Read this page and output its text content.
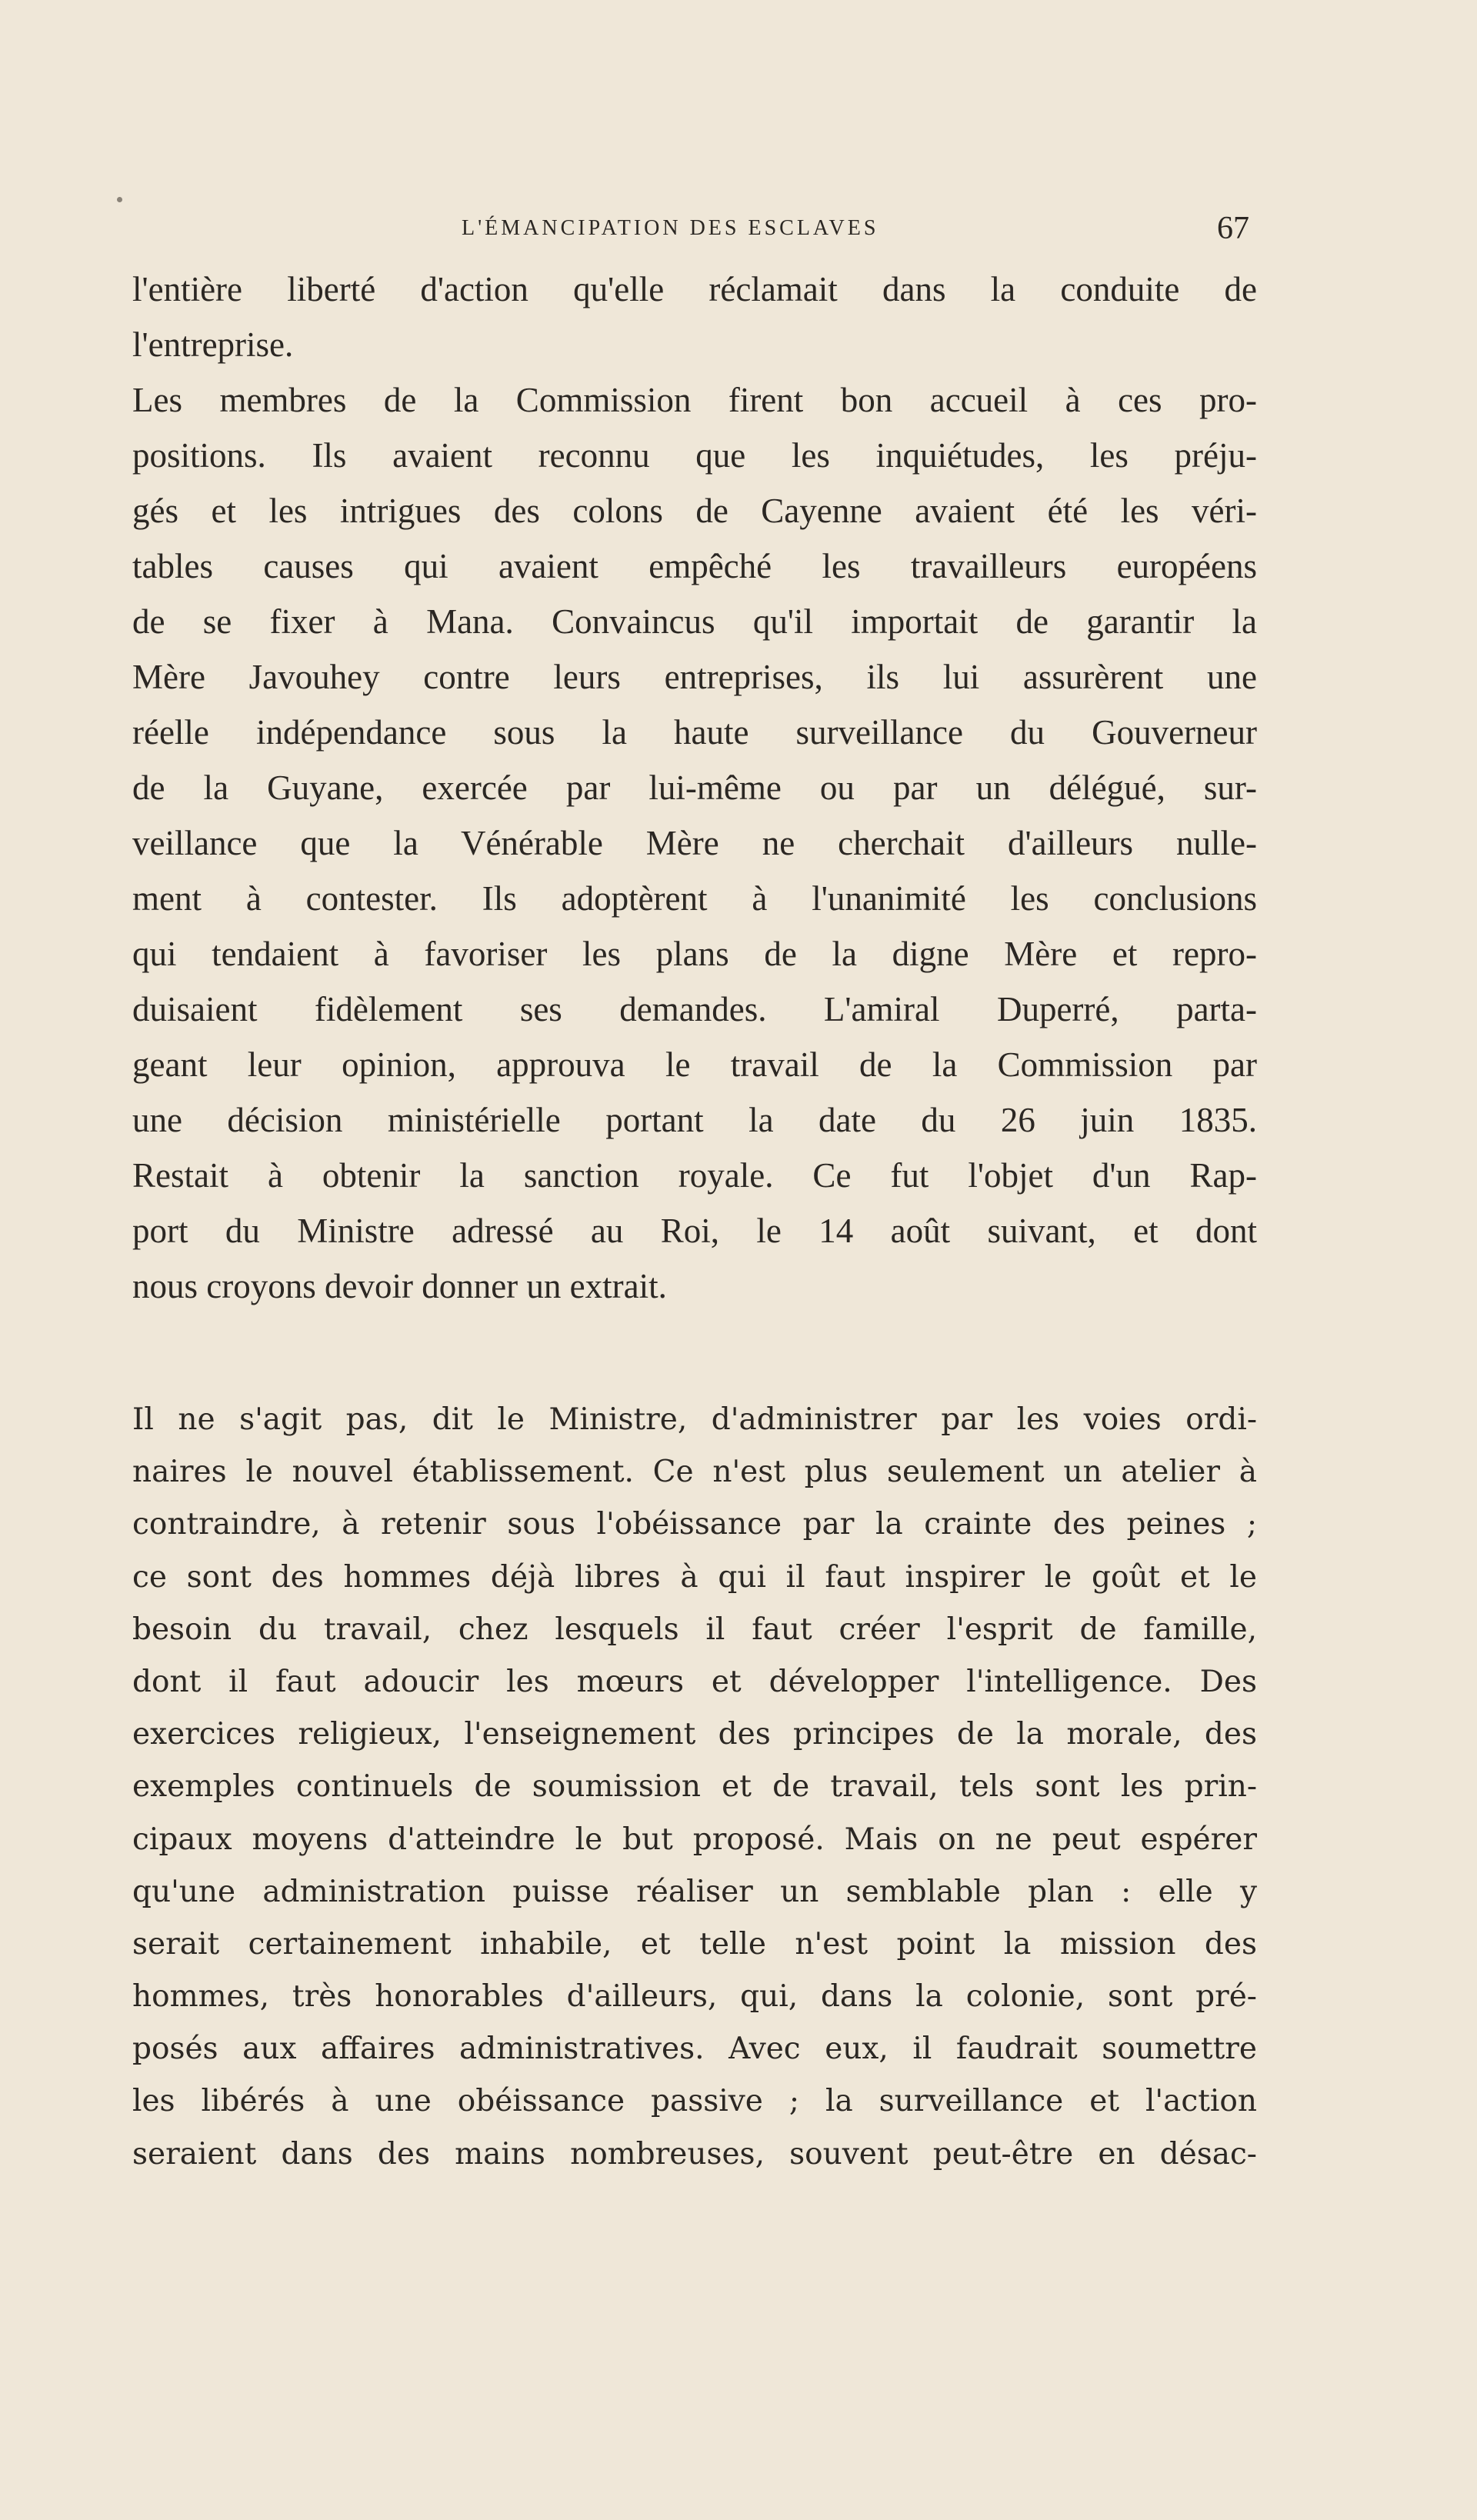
L'ÉMANCIPATION DES ESCLAVES	67
l'entière liberté d'action qu'elle réclamait dans la conduite de
l'entreprise.
Les membres de la Commission firent bon accueil à ces pro-
positions. Ils avaient reconnu que les inquiétudes, les préju-
gés et les intrigues des colons de Cayenne avaient été les véri-
tables causes qui avaient empêché les travailleurs européens
de se fixer à Mana. Convaincus qu'il importait de garantir la
Mère Javouhey contre leurs entreprises, ils lui assurèrent une
réelle indépendance sous la haute surveillance du Gouverneur
de la Guyane, exercée par lui-même ou par un délégué, sur-
veillance que la Vénérable Mère ne cherchait d'ailleurs nulle-
ment à contester. Ils adoptèrent à l'unanimité les conclusions
qui tendaient à favoriser les plans de la digne Mère et repro-
duisaient fidèlement ses demandes. L'amiral Duperré, parta-
geant leur opinion, approuva le travail de la Commission par
une décision ministérielle portant la date du 26 juin 1835.
Restait à obtenir la sanction royale. Ce fut l'objet d'un Rap-
port du Ministre adressé au Roi, le 14 août suivant, et dont
nous croyons devoir donner un extrait.
Il ne s'agit pas, dit le Ministre, d'administrer par les voies ordi-
naires le nouvel établissement. Ce n'est plus seulement un atelier à
contraindre, à retenir sous l'obéissance par la crainte des peines ;
ce sont des hommes déjà libres à qui il faut inspirer le goût et le
besoin du travail, chez lesquels il faut créer l'esprit de famille,
dont il faut adoucir les mœurs et développer l'intelligence. Des
exercices religieux, l'enseignement des principes de la morale, des
exemples continuels de soumission et de travail, tels sont les prin-
cipaux moyens d'atteindre le but proposé. Mais on ne peut espérer
qu'une administration puisse réaliser un semblable plan : elle y
serait certainement inhabile, et telle n'est point la mission des
hommes, très honorables d'ailleurs, qui, dans la colonie, sont pré-
posés aux affaires administratives. Avec eux, il faudrait soumettre
les libérés à une obéissance passive ; la surveillance et l'action
seraient dans des mains nombreuses, souvent peut-être en désac-
